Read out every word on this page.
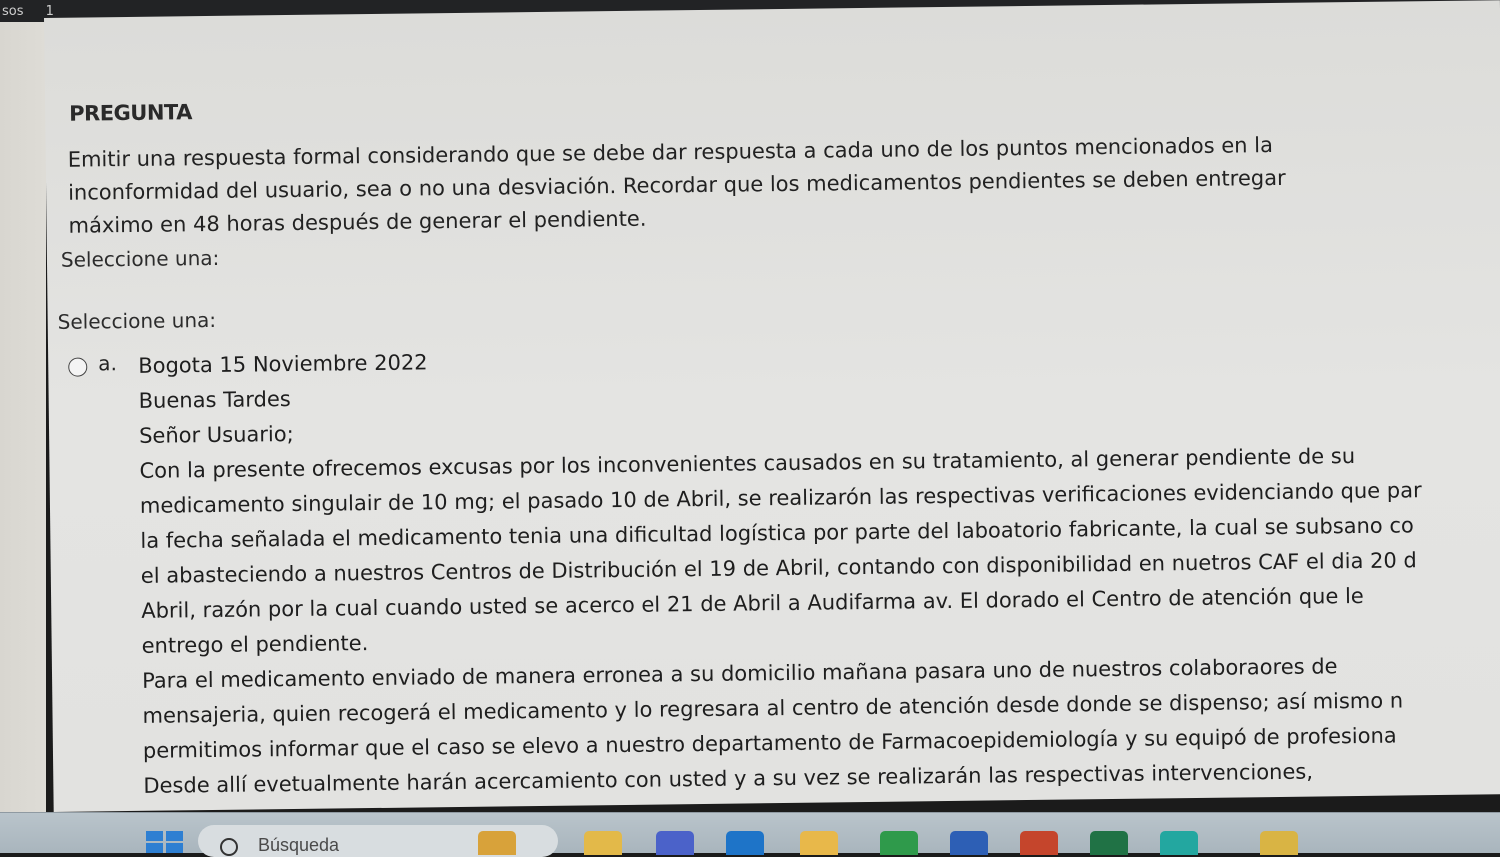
sos 1
PREGUNTA
Emitir una respuesta formal considerando que se debe dar respuesta a cada uno de los puntos mencionados en la inconformidad del usuario, sea o no una desviación. Recordar que los medicamentos pendientes se deben entregar máximo en 48 horas después de generar el pendiente.
Seleccione una:
Seleccione una:
a. Bogota 15 Noviembre 2022
Buenas Tardes
Señor Usuario;
Con la presente ofrecemos excusas por los inconvenientes causados en su tratamiento, al generar pendiente de su
medicamento singulair de 10 mg; el pasado 10 de Abril, se realizarón las respectivas verificaciones evidenciando que par
la fecha señalada el medicamento tenia una dificultad logística por parte del laboatorio fabricante, la cual se subsano co
el abasteciendo a nuestros Centros de Distribución el 19 de Abril, contando con disponibilidad en nuetros CAF el dia 20 d
Abril, razón por la cual cuando usted se acerco el 21 de Abril a Audifarma av. El dorado el Centro de atención que le
entrego el pendiente.
Para el medicamento enviado de manera erronea a su domicilio mañana pasara uno de nuestros colaboraores de
mensajeria, quien recogerá el medicamento y lo regresara al centro de atención desde donde se dispenso; así mismo n
permitimos informar que el caso se elevo a nuestro departamento de Farmacoepidemiología y su equipó de profesiona
Desde allí evetualmente harán acercamiento con usted y a su vez se realizarán las respectivas intervenciones,
Búsqueda
